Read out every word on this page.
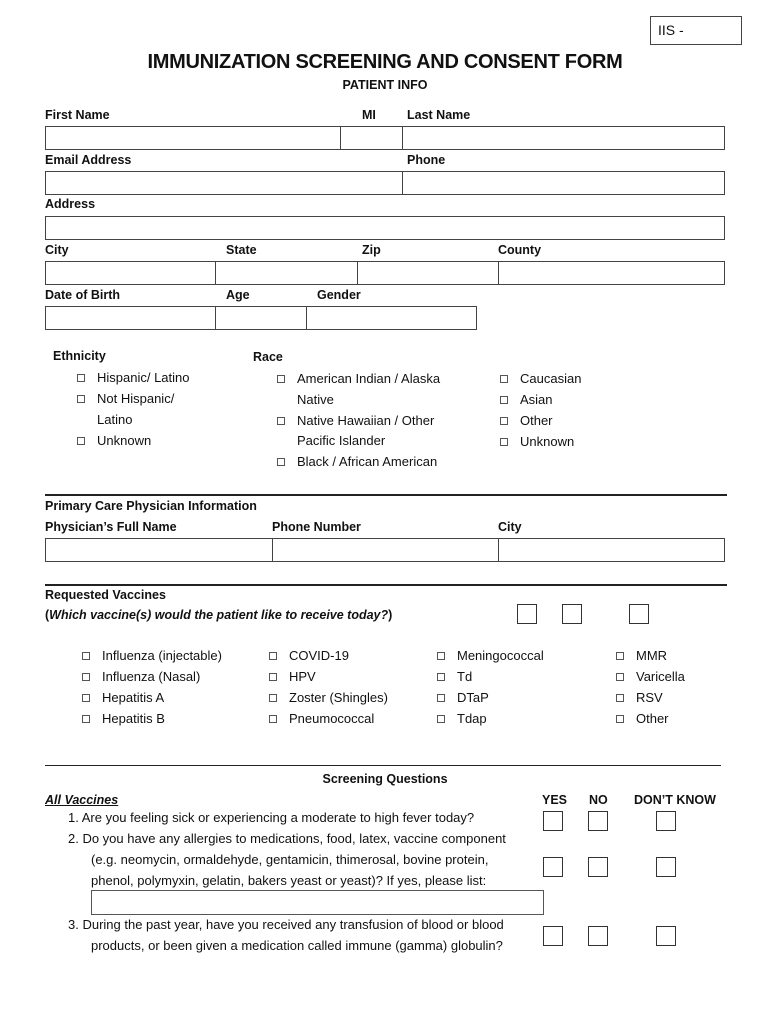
IIS -
IMMUNIZATION SCREENING AND CONSENT FORM
PATIENT INFO
First Name	MI Last Name
Email Address	Phone
Address
City	State	Zip	County
Date of Birth	Age	Gender
Ethnicity
Hispanic/ Latino
Not Hispanic/
Latino
Unknown
Race
American Indian / Alaska
Native
Native Hawaiian / Other
Pacific Islander
Black / African American
Caucasian
Asian
Other
Unknown
Primary Care Physician Information
Physician’s Full Name	Phone Number	City
Requested Vaccines
(Which vaccine(s) would the patient like to receive today?)
Influenza (injectable)
Influenza (Nasal)
Hepatitis A
Hepatitis B
COVID-19
HPV
Zoster (Shingles)
Pneumococcal
Meningococcal
Td
DTaP
Tdap
MMR
Varicella
RSV
Other
Screening Questions
All Vaccines	YES NO DON’T KNOW
1. Are you feeling sick or experiencing a moderate to high fever today?
2. Do you have any allergies to medications, food, latex, vaccine component
(e.g. neomycin, ormaldehyde, gentamicin, thimerosal, bovine protein,
phenol, polymyxin, gelatin, bakers yeast or yeast)? If yes, please list:
3. During the past year, have you received any transfusion of blood or blood
products, or been given a medication called immune (gamma) globulin?
